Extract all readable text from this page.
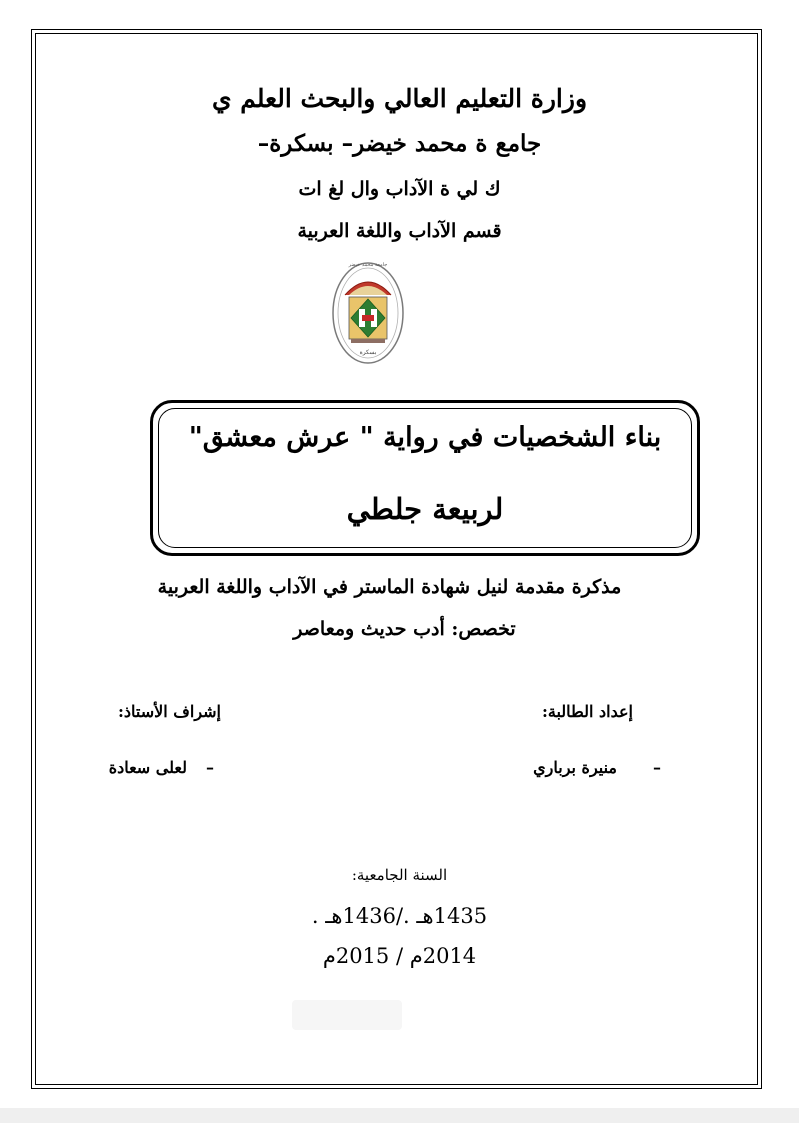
وزارة التعليم العالي والبحث العلم ي
جامع ة محمد خيضر– بسكرة–
ك لي ة الآداب وال لغ ات
قسم الآداب واللغة العربية
جامعة محمد خيضر
بسكرة
بناء الشخصيات في رواية " عرش معشق"
لربيعة جلطي
مذكرة مقدمة لنيل شهادة الماستر في الآداب واللغة العربية
تخصص: أدب حديث ومعاصر
إعداد الطالبة:
إشراف الأستاذ:
–
منيرة برباري
–
لعلى سعادة
السنة الجامعية:
1435هـ ./1436هـ .
2014م / 2015م
